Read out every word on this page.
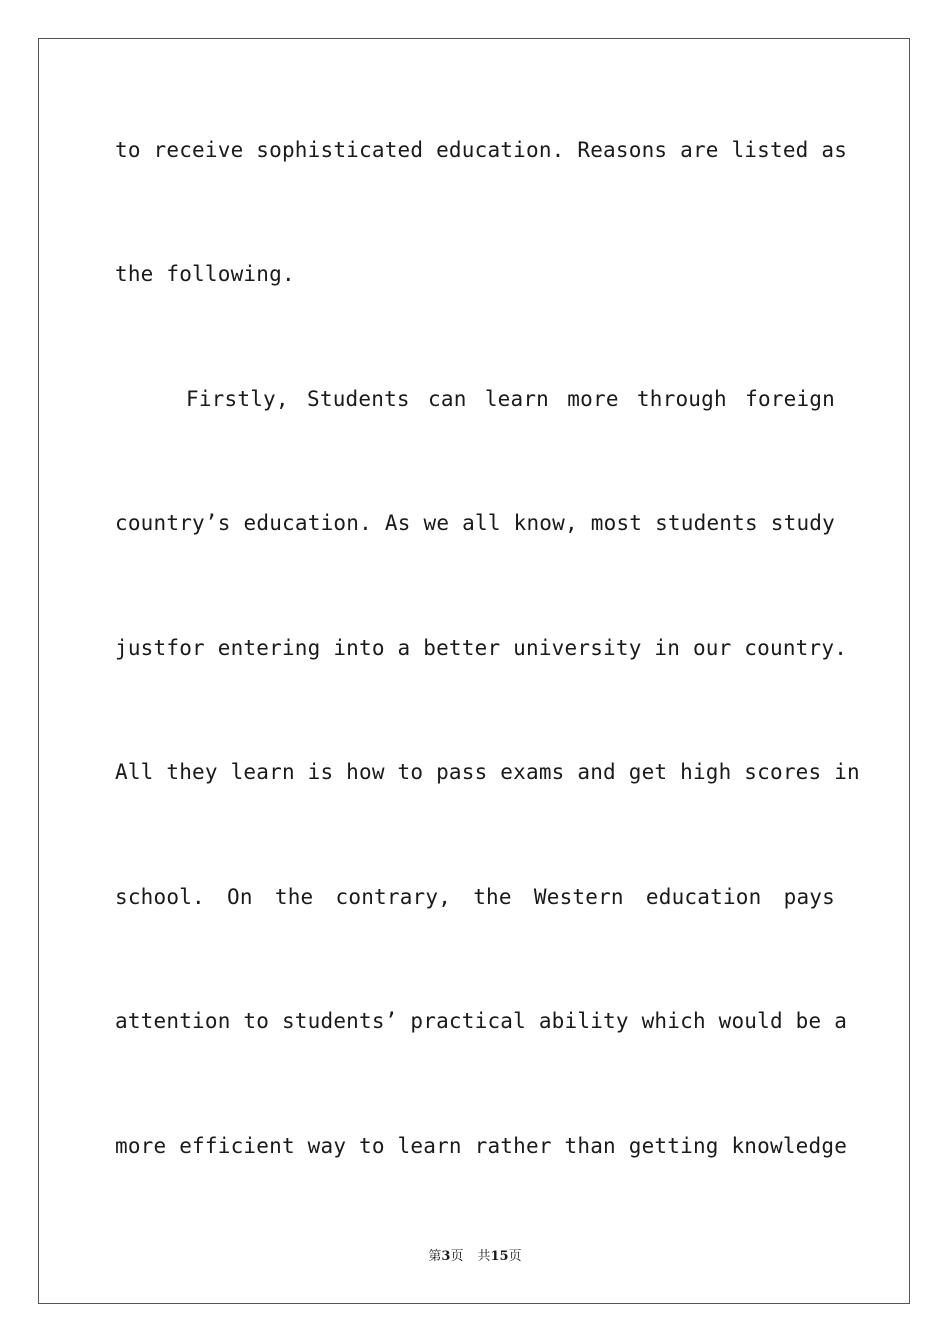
to receive sophisticated education. Reasons are listed as
the following.
Firstly, Students can learn more through foreign
country’s education. As we all know, most students study
justfor entering into a better university in our country.
All they learn is how to pass exams and get high scores in
school. On the contrary, the Western education pays
attention to students’ practical ability which would be a
more efficient way to learn rather than getting knowledge
第3页 共15页
